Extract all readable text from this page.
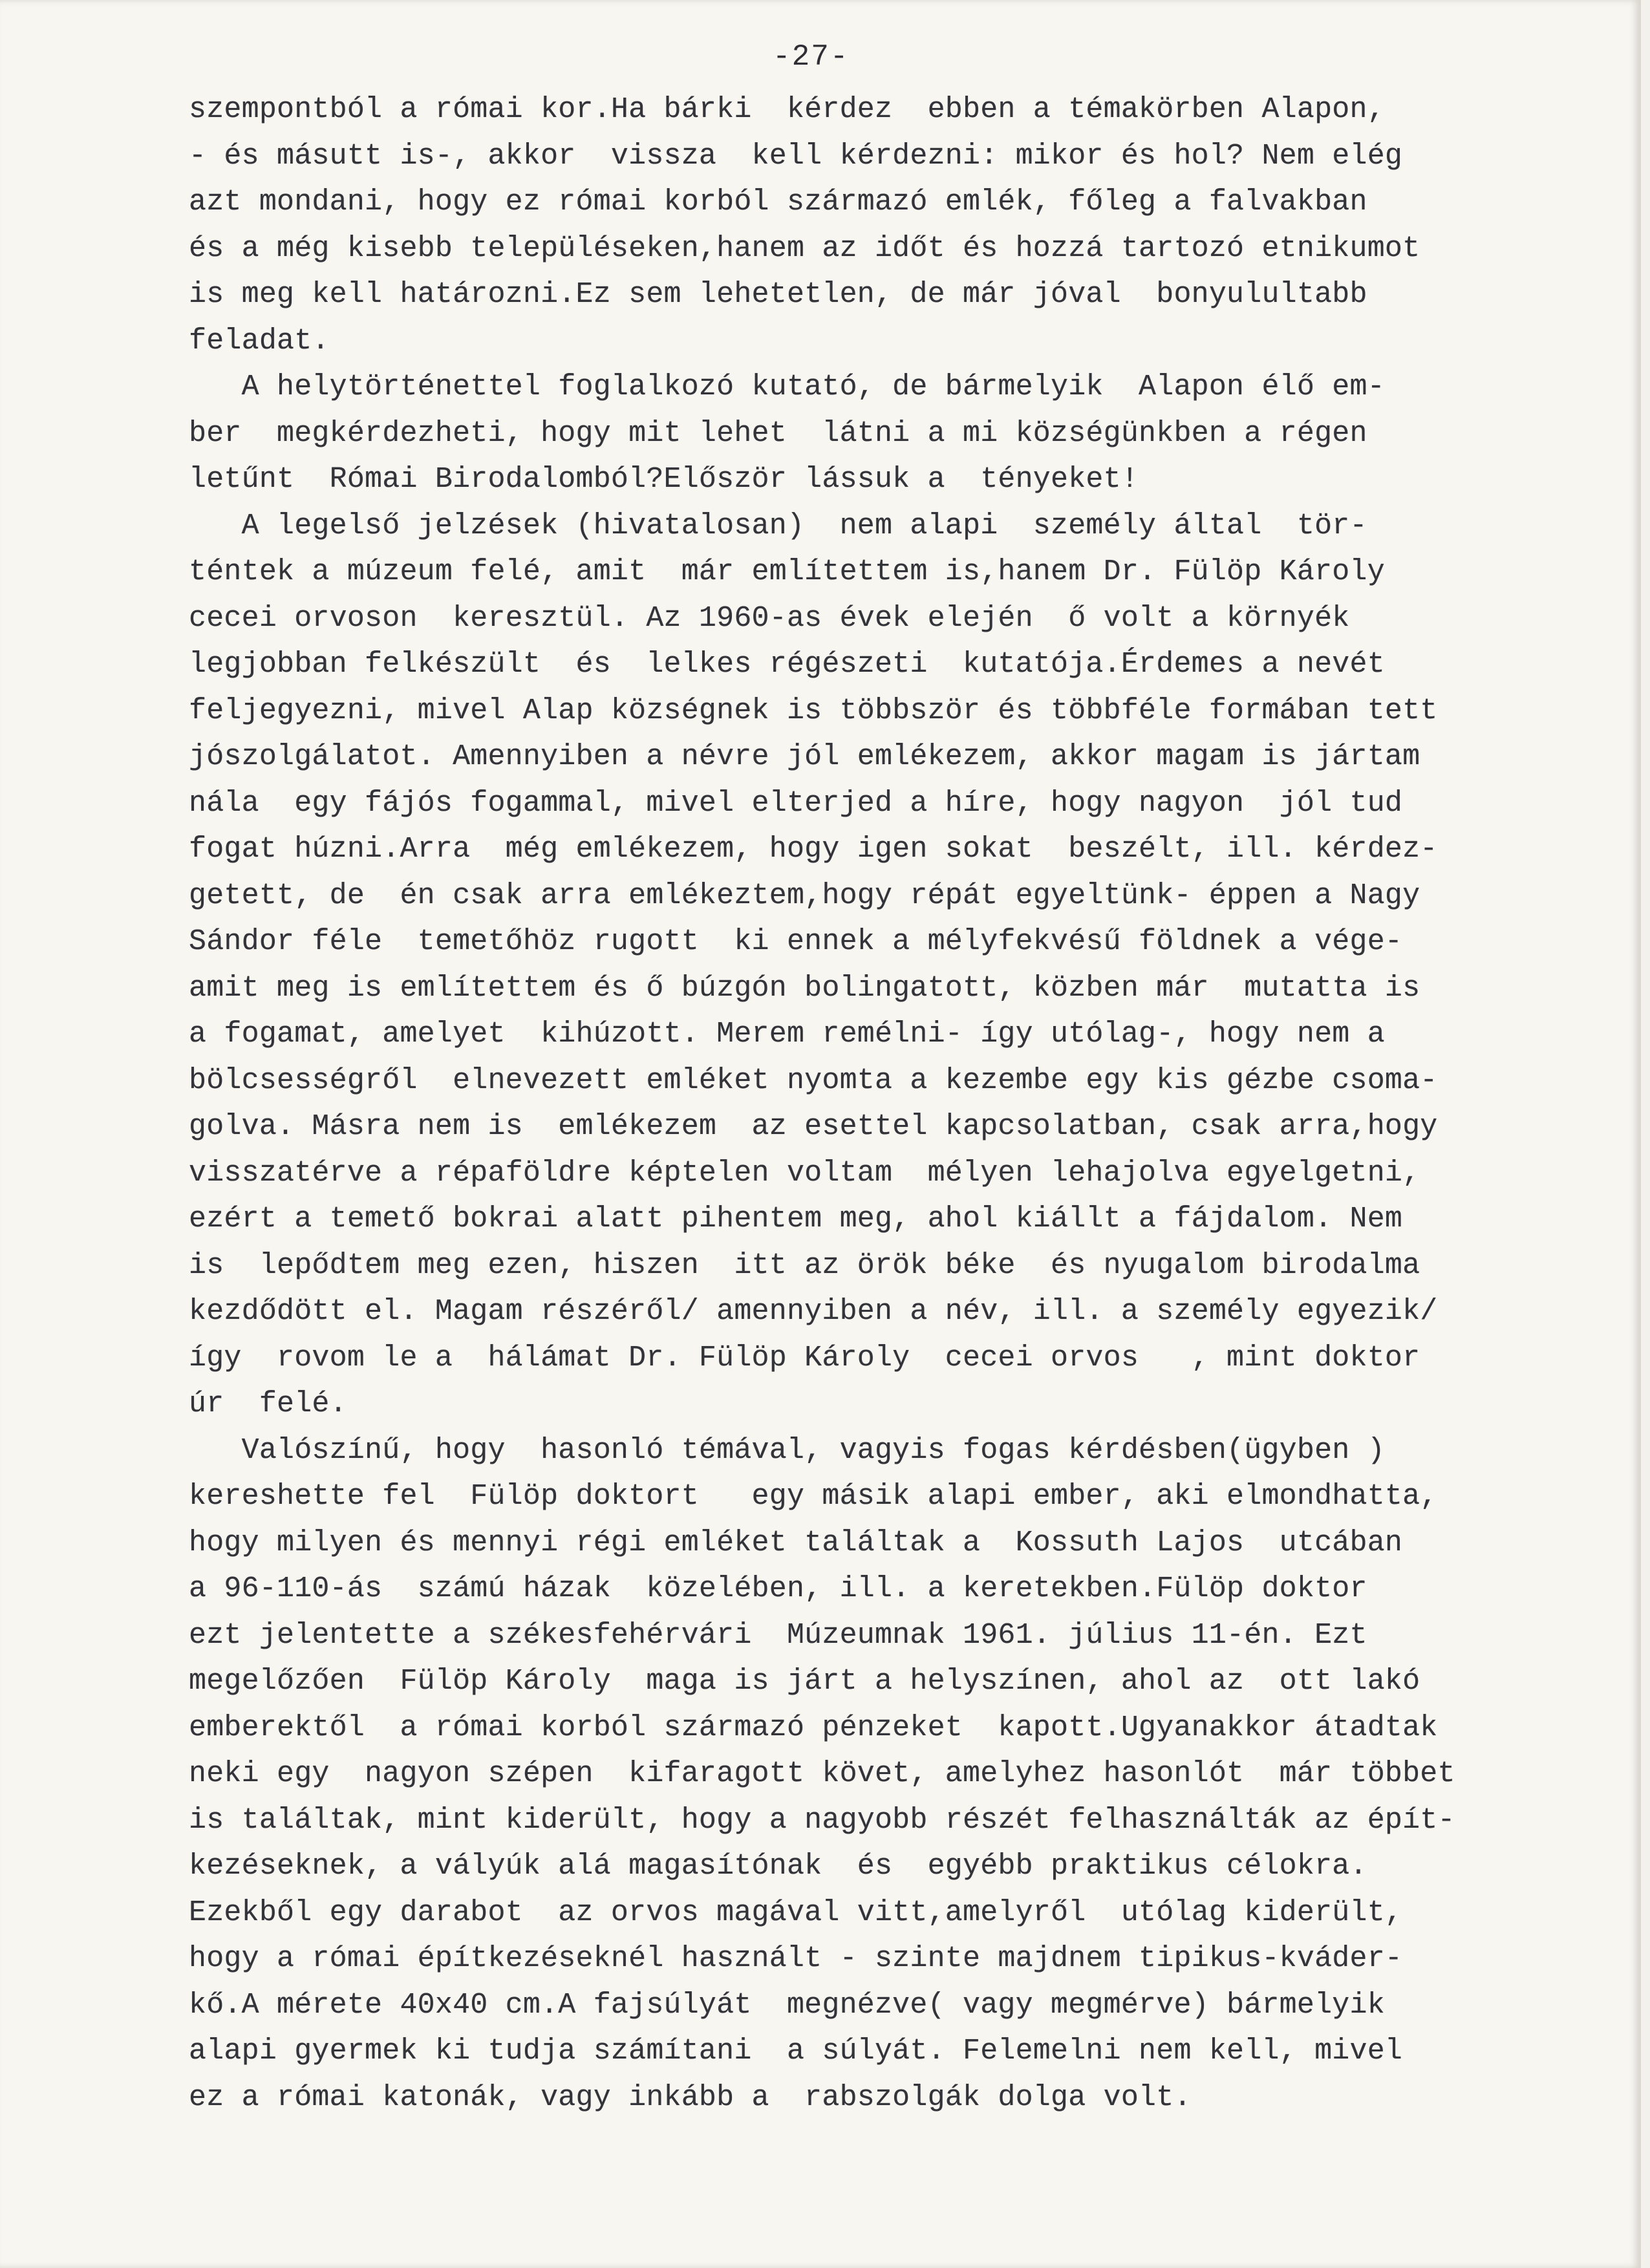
-27-
szempontból a római kor.Ha bárki  kérdez  ebben a témakörben Alapon,
- és másutt is-, akkor  vissza  kell kérdezni: mikor és hol? Nem elég
azt mondani, hogy ez római korból származó emlék, főleg a falvakban
és a még kisebb településeken,hanem az időt és hozzá tartozó etnikumot
is meg kell határozni.Ez sem lehetetlen, de már jóval  bonyulultabb
feladat.
A helytörténettel foglalkozó kutató, de bármelyik  Alapon élő em-
ber  megkérdezheti, hogy mit lehet  látni a mi községünkben a régen
letűnt  Római Birodalomból?Először lássuk a  tényeket!
A legelső jelzések (hivatalosan)  nem alapi  személy által  tör-
téntek a múzeum felé, amit  már említettem is,hanem Dr. Fülöp Károly
cecei orvoson  keresztül. Az 1960-as évek elején  ő volt a környék
legjobban felkészült  és  lelkes régészeti  kutatója.Érdemes a nevét
feljegyezni, mivel Alap községnek is többször és többféle formában tett
jószolgálatot. Amennyiben a névre jól emlékezem, akkor magam is jártam
nála  egy fájós fogammal, mivel elterjed a híre, hogy nagyon  jól tud
fogat húzni.Arra  még emlékezem, hogy igen sokat  beszélt, ill. kérdez-
getett, de  én csak arra emlékeztem,hogy répát egyeltünk- éppen a Nagy
Sándor féle  temetőhöz rugott  ki ennek a mélyfekvésű földnek a vége-
amit meg is említettem és ő búzgón bolingatott, közben már  mutatta is
a fogamat, amelyet  kihúzott. Merem remélni- így utólag-, hogy nem a
bölcsességről  elnevezett emléket nyomta a kezembe egy kis gézbe csoma-
golva. Másra nem is  emlékezem  az esettel kapcsolatban, csak arra,hogy
visszatérve a répaföldre képtelen voltam  mélyen lehajolva egyelgetni,
ezért a temető bokrai alatt pihentem meg, ahol kiállt a fájdalom. Nem
is  lepődtem meg ezen, hiszen  itt az örök béke  és nyugalom birodalma
kezdődött el. Magam részéről/ amennyiben a név, ill. a személy egyezik/
így  rovom le a  hálámat Dr. Fülöp Károly  cecei orvos   , mint doktor
úr  felé.
Valószínű, hogy  hasonló témával, vagyis fogas kérdésben(ügyben )
kereshette fel  Fülöp doktort   egy másik alapi ember, aki elmondhatta,
hogy milyen és mennyi régi emléket találtak a  Kossuth Lajos  utcában
a 96-110-ás  számú házak  közelében, ill. a keretekben.Fülöp doktor
ezt jelentette a székesfehérvári  Múzeumnak 1961. július 11-én. Ezt
megelőzően  Fülöp Károly  maga is járt a helyszínen, ahol az  ott lakó
emberektől  a római korból származó pénzeket  kapott.Ugyanakkor átadtak
neki egy  nagyon szépen  kifaragott követ, amelyhez hasonlót  már többet
is találtak, mint kiderült, hogy a nagyobb részét felhasználták az épít-
kezéseknek, a vályúk alá magasítónak  és  egyébb praktikus célokra.
Ezekből egy darabot  az orvos magával vitt,amelyről  utólag kiderült,
hogy a római építkezéseknél használt - szinte majdnem tipikus-kváder-
kő.A mérete 40x40 cm.A fajsúlyát  megnézve( vagy megmérve) bármelyik
alapi gyermek ki tudja számítani  a súlyát. Felemelni nem kell, mivel
ez a római katonák, vagy inkább a  rabszolgák dolga volt.
